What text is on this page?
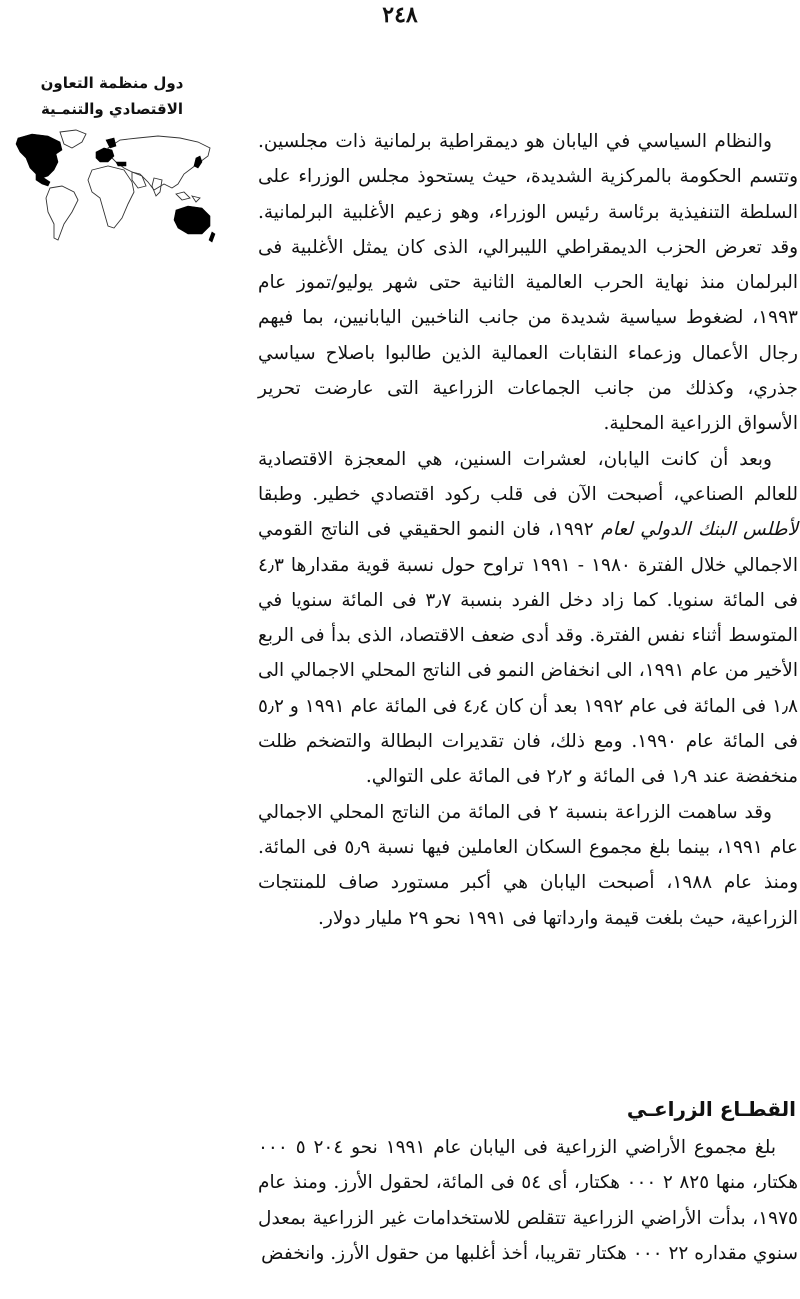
٢٤٨
دول منظمة التعاون الاقتصادي والتنمـية

والنظام السياسي في اليابان هو ديمقراطية برلمانية ذات مجلسين. وتتسم الحكومة بالمركزية الشديدة، حيث يستحوذ مجلس الوزراء على السلطة التنفيذية برئاسة رئيس الوزراء، وهو زعيم الأغلبية البرلمانية. وقد تعرض الحزب الديمقراطي الليبرالي، الذى كان يمثل الأغلبية فى البرلمان منذ نهاية الحرب العالمية الثانية حتى شهر يوليو/تموز عام ١٩٩٣، لضغوط سياسية شديدة من جانب الناخبين اليابانيين، بما فيهم رجال الأعمال وزعماء النقابات العمالية الذين طالبوا باصلاح سياسي جذري، وكذلك من جانب الجماعات الزراعية التى عارضت تحرير الأسواق الزراعية المحلية.

وبعد أن كانت اليابان، لعشرات السنين، هي المعجزة الاقتصادية للعالم الصناعي، أصبحت الآن فى قلب ركود اقتصادي خطير. وطبقا لأطلس البنك الدولي لعام ١٩٩٢، فان النمو الحقيقي فى الناتج القومي الاجمالي خلال الفترة ١٩٨٠ - ١٩٩١ تراوح حول نسبة قوية مقدارها ٤٫٣ فى المائة سنويا. كما زاد دخل الفرد بنسبة ٣٫٧ فى المائة سنويا في المتوسط أثناء نفس الفترة. وقد أدى ضعف الاقتصاد، الذى بدأ فى الربع الأخير من عام ١٩٩١، الى انخفاض النمو فى الناتج المحلي الاجمالي الى ١٫٨ فى المائة فى عام ١٩٩٢ بعد أن كان ٤٫٤ فى المائة عام ١٩٩١ و ٥٫٢ فى المائة عام ١٩٩٠. ومع ذلك، فان تقديرات البطالة والتضخم ظلت منخفضة عند ١٫٩ فى المائة و ٢٫٢ فى المائة على التوالي.

وقد ساهمت الزراعة بنسبة ٢ فى المائة من الناتج المحلي الاجمالي عام ١٩٩١، بينما بلغ مجموع السكان العاملين فيها نسبة ٥٫٩ فى المائة. ومنذ عام ١٩٨٨، أصبحت اليابان هي أكبر مستورد صاف للمنتجات الزراعية، حيث بلغت قيمة وارداتها فى ١٩٩١ نحو ٢٩ مليار دولار.

القطـاع الزراعـي

بلغ مجموع الأراضي الزراعية فى اليابان عام ١٩٩١ نحو ٢٠٤ ٥ ٠٠٠ هكتار، منها ٨٢٥ ٢ ٠٠٠ هكتار، أى ٥٤ فى المائة، لحقول الأرز. ومنذ عام ١٩٧٥، بدأت الأراضي الزراعية تتقلص للاستخدامات غير الزراعية بمعدل سنوي مقداره ٢٢ ٠٠٠ هكتار تقريبا، أخذ أغلبها من حقول الأرز. وانخفض
